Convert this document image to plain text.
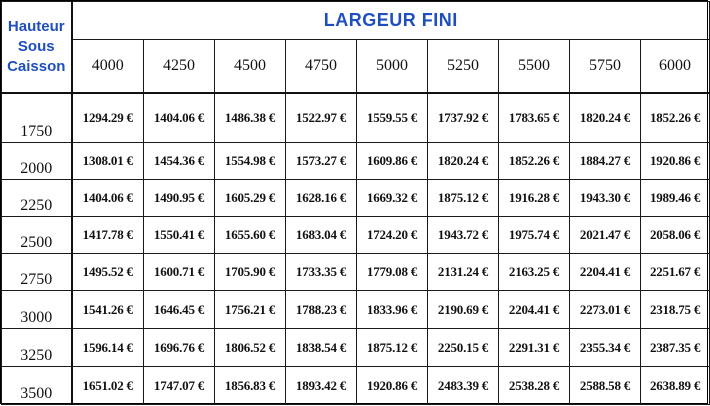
Hauteur
Sous
Caisson	LARGEUR FINI								
	4000	4250	4500	4750	5000	5250	5500	5750	6000
1750	1294.29 €	1404.06 €	1486.38 €	1522.97 €	1559.55 €	1737.92 €	1783.65 €	1820.24 €	1852.26 €
2000	1308.01 €	1454.36 €	1554.98 €	1573.27 €	1609.86 €	1820.24 €	1852.26 €	1884.27 €	1920.86 €
2250	1404.06 €	1490.95 €	1605.29 €	1628.16 €	1669.32 €	1875.12 €	1916.28 €	1943.30 €	1989.46 €
2500	1417.78 €	1550.41 €	1655.60 €	1683.04 €	1724.20 €	1943.72 €	1975.74 €	2021.47 €	2058.06 €
2750	1495.52 €	1600.71 €	1705.90 €	1733.35 €	1779.08 €	2131.24 €	2163.25 €	2204.41 €	2251.67 €
3000	1541.26 €	1646.45 €	1756.21 €	1788.23 €	1833.96 €	2190.69 €	2204.41 €	2273.01 €	2318.75 €
3250	1596.14 €	1696.76 €	1806.52 €	1838.54 €	1875.12 €	2250.15 €	2291.31 €	2355.34 €	2387.35 €
3500	1651.02 €	1747.07 €	1856.83 €	1893.42 €	1920.86 €	2483.39 €	2538.28 €	2588.58 €	2638.89 €
